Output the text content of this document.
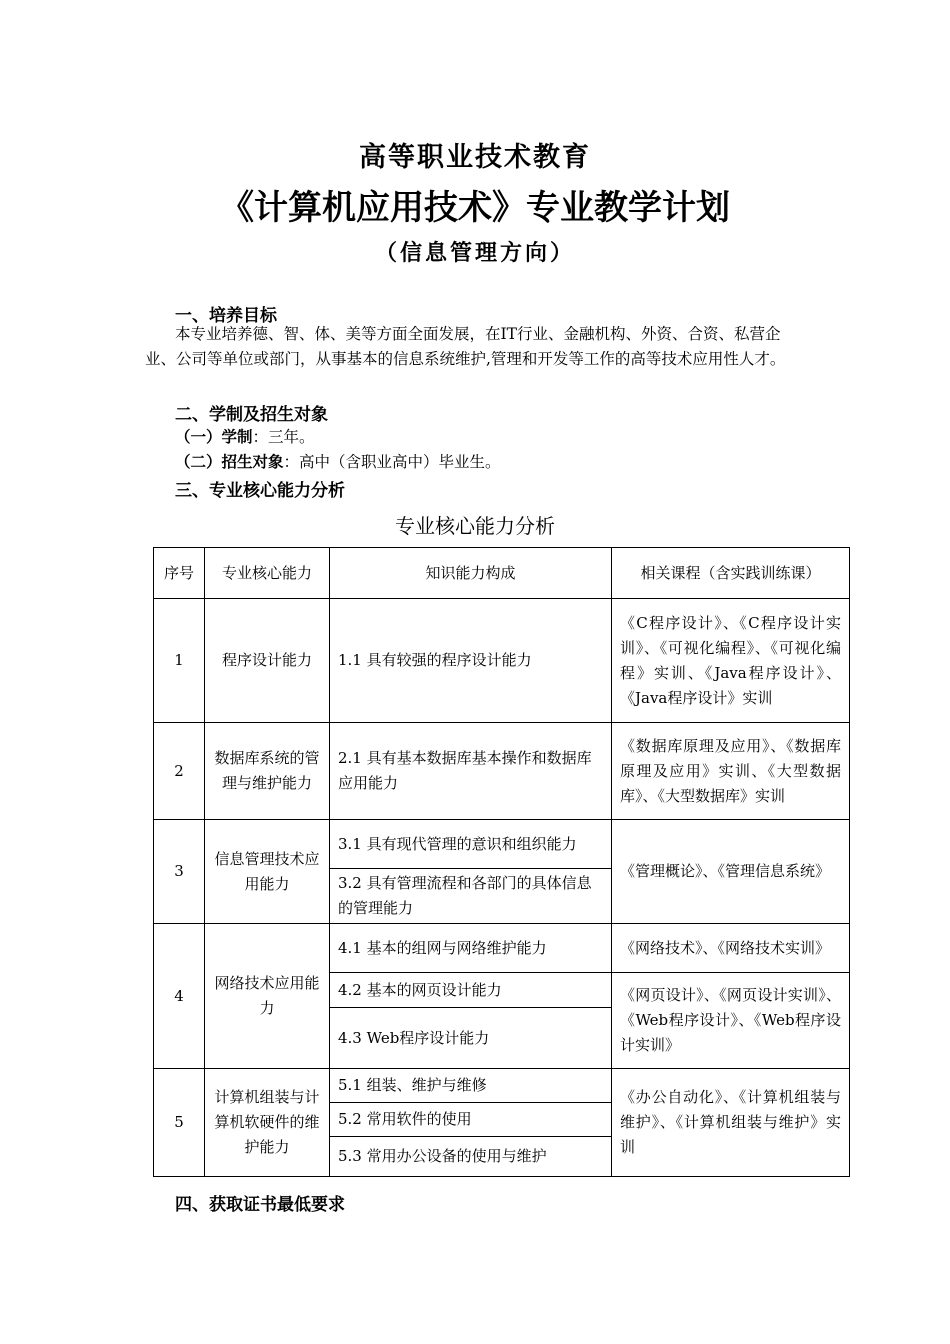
高等职业技术教育
《计算机应用技术》专业教学计划
（信息管理方向）
一、培养目标
本专业培养德、智、体、美等方面全面发展，在IT行业、金融机构、外资、合资、私营企业、公司等单位或部门，从事基本的信息系统维护,管理和开发等工作的高等技术应用性人才。
二、学制及招生对象
（一）学制：三年。
（二）招生对象：高中（含职业高中）毕业生。
三、专业核心能力分析
专业核心能力分析
序号	专业核心能力	知识能力构成	相关课程（含实践训练课）
1	程序设计能力	1.1 具有较强的程序设计能力	《C程序设计》、《C程序设计实训》、《可视化编程》、《可视化编程》实训、《Java程序设计》、《Java程序设计》实训
2	数据库系统的管理与维护能力	2.1 具有基本数据库基本操作和数据库应用能力	《数据库原理及应用》、《数据库原理及应用》实训、《大型数据库》、《大型数据库》实训
3	信息管理技术应用能力	3.1 具有现代管理的意识和组织能力	《管理概论》、《管理信息系统》
		3.2 具有管理流程和各部门的具体信息的管理能力	
4	网络技术应用能力	4.1 基本的组网与网络维护能力	《网络技术》、《网络技术实训》
		4.2 基本的网页设计能力	《网页设计》、《网页设计实训》、《Web程序设计》、《Web程序设计实训》
		4.3 Web程序设计能力	
5	计算机组装与计算机软硬件的维护能力	5.1 组装、维护与维修	《办公自动化》、《计算机组装与维护》、《计算机组装与维护》实训
		5.2 常用软件的使用	
		5.3 常用办公设备的使用与维护	
四、获取证书最低要求
